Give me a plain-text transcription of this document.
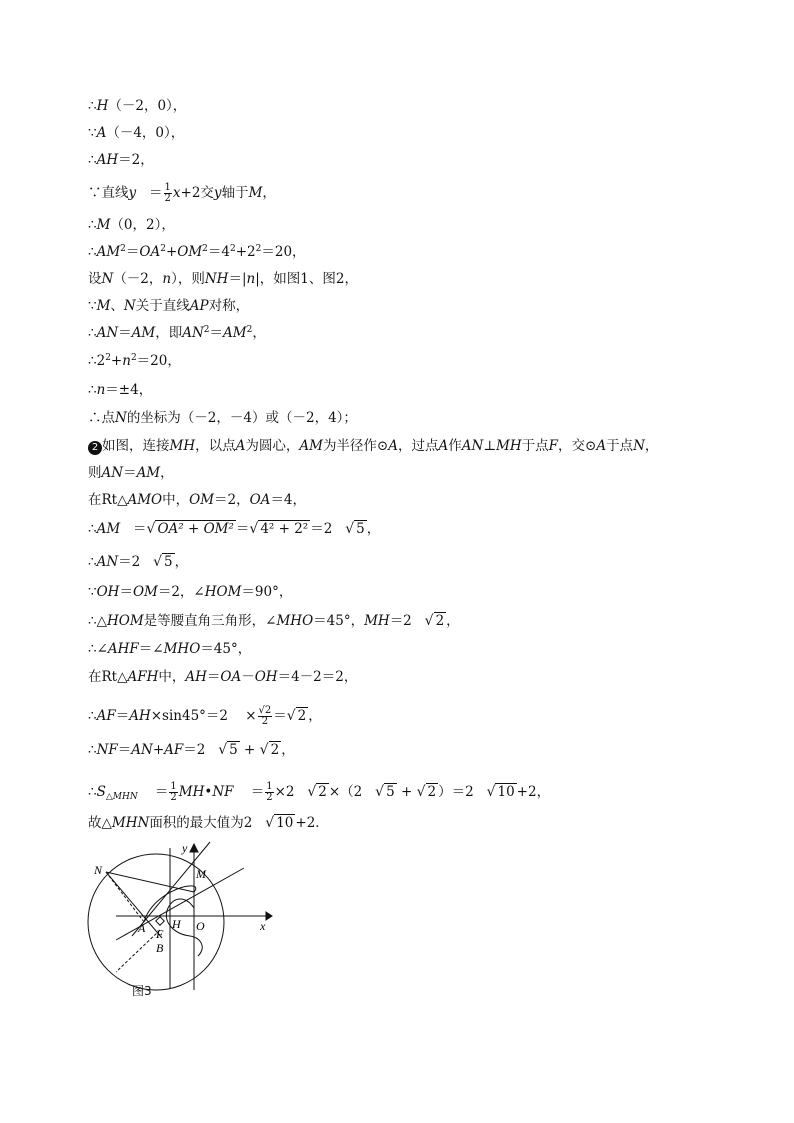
∴H（－2，0），
∵A（－4，0），
∴AH＝2，
∵直线$y = \frac{1}{2} x+2$交y轴于M，
∴M（0，2），
$\therefore AM^2=OA^2+OM^2=4^2+2^2=20$，
设N（－2，n），则NH＝|n|，如图1、图2，
∵M、N关于直线AP对称，
∴AN＝AM，即$AN^2=AM^2$，
$\therefore 2^2+n^2=20$，
∴n＝±4，
∴点N的坐标为（－2，－4）或（－2，4）；
2 如图，连接MH，以点A为圆心，AM为半径作⊙A，过点A作AN⊥MH于点F，交⊙A于点N，
则AN＝AM，
在Rt△AMO中，OM＝2，OA＝4，
∴AM ＝√ OA² + OM² ＝√ 4² + 2² ＝2 √ 5 ，
∴AN＝2 √ 5 ，
∵OH＝OM＝2，∠HOM＝90°，
∴△HOM是等腰直角三角形，∠MHO＝45°，MH＝2 √ 2 ，
∴∠AHF＝∠MHO＝45°，
在Rt△AFH中，AH＝OA－OH＝4－2＝2，
∴AF＝AH×sin45°＝2 × $\frac{√2}{2}$ ＝√ 2 ，
∴NF＝AN+AF＝2 √ 5 + √ 2 ，
$\therefore S_{\triangle MHN} = \frac{1}{2}$ MH•NF ＝ $\frac{1}{2} \times 2$ √ 2 ×（2 √ 5 + √ 2 ）＝2 √ 10 +2，
故△MHN面积的最大值为2 √ 10 +2．
N	M
y
x
A H O
F
B
图3
